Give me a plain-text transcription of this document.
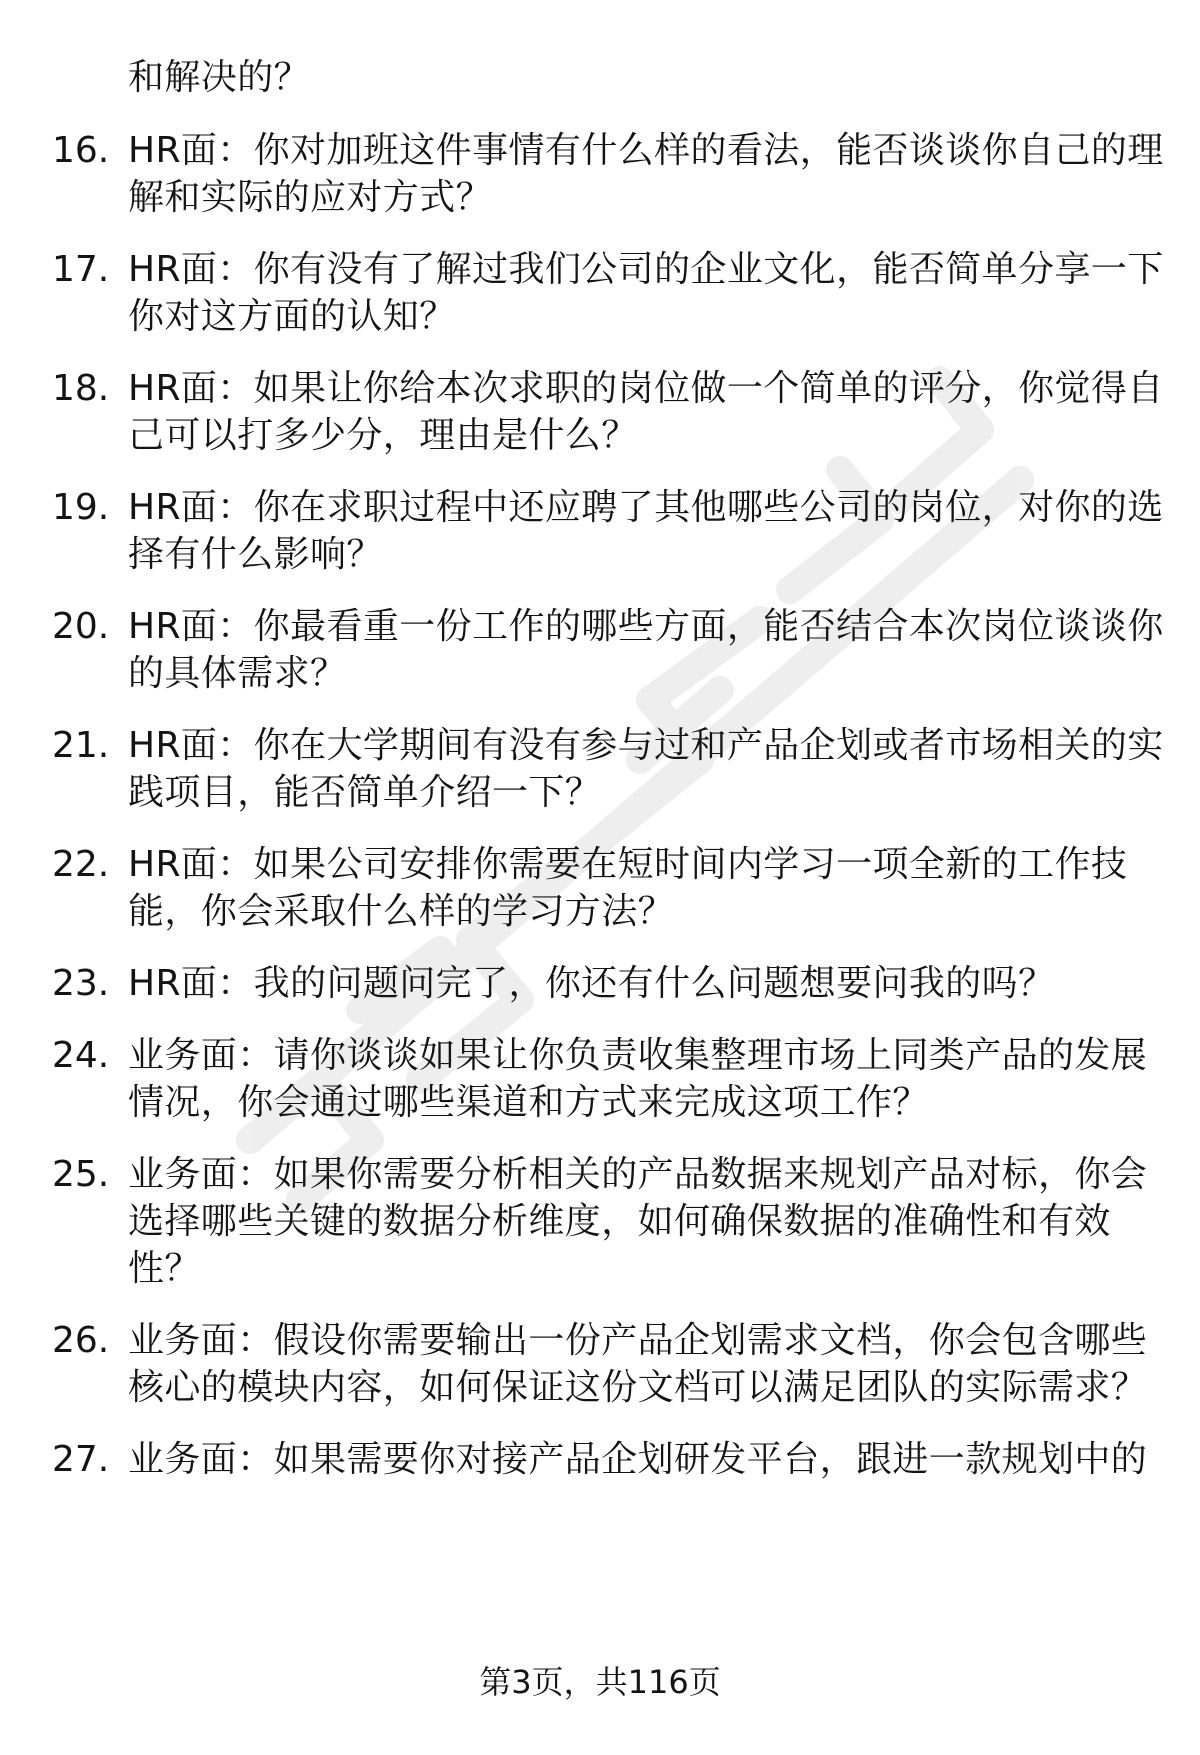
和解决的？
16. HR面：你对加班这件事情有什么样的看法，能否谈谈你自己的理
解和实际的应对方式？
17. HR面：你有没有了解过我们公司的企业文化，能否简单分享一下
你对这方面的认知？
18. HR面：如果让你给本次求职的岗位做一个简单的评分，你觉得自
己可以打多少分，理由是什么？
19. HR面：你在求职过程中还应聘了其他哪些公司的岗位，对你的选
择有什么影响？
20. HR面：你最看重一份工作的哪些方面，能否结合本次岗位谈谈你
的具体需求？
21. HR面：你在大学期间有没有参与过和产品企划或者市场相关的实
践项目，能否简单介绍一下？
22. HR面：如果公司安排你需要在短时间内学习一项全新的工作技
能，你会采取什么样的学习方法？
23. HR面：我的问题问完了，你还有什么问题想要问我的吗？
24. 业务面：请你谈谈如果让你负责收集整理市场上同类产品的发展
情况，你会通过哪些渠道和方式来完成这项工作？
25. 业务面：如果你需要分析相关的产品数据来规划产品对标，你会
选择哪些关键的数据分析维度，如何确保数据的准确性和有效
性？
26. 业务面：假设你需要输出一份产品企划需求文档，你会包含哪些
核心的模块内容，如何保证这份文档可以满足团队的实际需求？
27. 业务面：如果需要你对接产品企划研发平台，跟进一款规划中的
第3页，共116页
